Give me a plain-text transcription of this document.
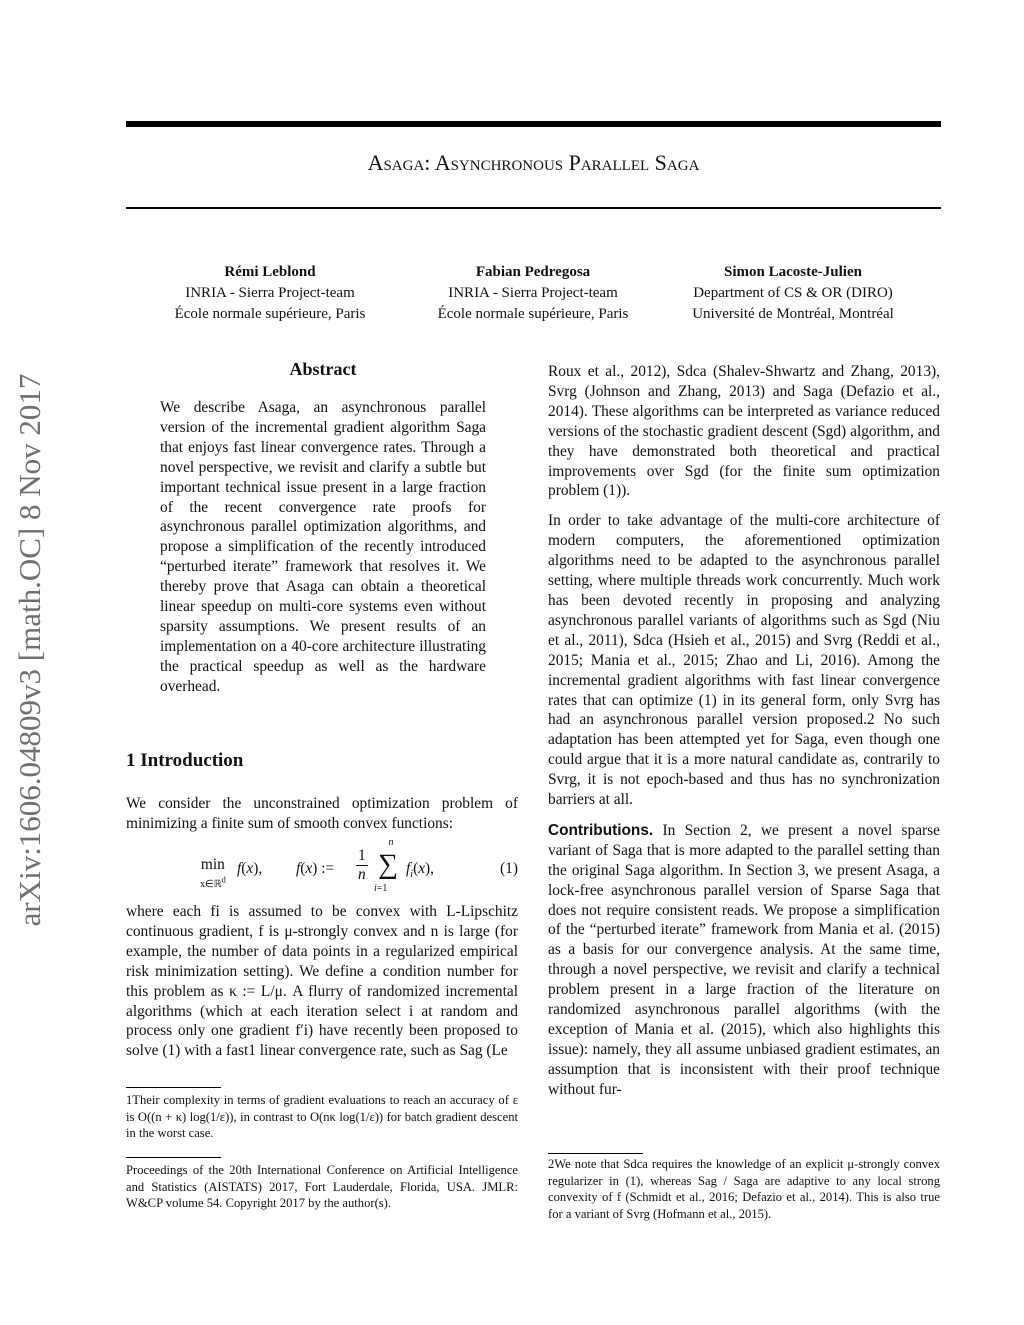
Asaga: Asynchronous Parallel Saga
Rémi Leblond
INRIA - Sierra Project-team
École normale supérieure, Paris
Fabian Pedregosa
INRIA - Sierra Project-team
École normale supérieure, Paris
Simon Lacoste-Julien
Department of CS & OR (DIRO)
Université de Montréal, Montréal
arXiv:1606.04809v3 [math.OC] 8 Nov 2017
Abstract

We describe Asaga, an asynchronous parallel version of the incremental gradient algorithm Saga that enjoys fast linear convergence rates. Through a novel perspective, we revisit and clarify a subtle but important technical issue present in a large fraction of the recent convergence rate proofs for asynchronous parallel optimization algorithms, and propose a simplification of the recently introduced “perturbed iterate” framework that resolves it. We thereby prove that Asaga can obtain a theoretical linear speedup on multi-core systems even without sparsity assumptions. We present results of an implementation on a 40-core architecture illustrating the practical speedup as well as the hardware overhead.

1 Introduction

We consider the unconstrained optimization problem of minimizing a finite sum of smooth convex functions:

min
x∈ℝ$^d$
f(x), f(x) := $\frac{1}{n}$
n
∑
i=1
$f_i(x)$,	(1)

where each fi is assumed to be convex with L-Lipschitz continuous gradient, f is μ-strongly convex and n is large (for example, the number of data points in a regularized empirical risk minimization setting). We define a condition number for this problem as κ := L/μ. A flurry of randomized incremental algorithms (which at each iteration select i at random and process only one gradient f′i) have recently been proposed to solve (1) with a fast1 linear convergence rate, such as Sag (Le

1Their complexity in terms of gradient evaluations to reach an accuracy of ε is O((n + κ) log(1/ε)), in contrast to O(nκ log(1/ε)) for batch gradient descent in the worst case.

Proceedings of the 20th International Conference on Artificial Intelligence and Statistics (AISTATS) 2017, Fort Lauderdale, Florida, USA. JMLR: W&CP volume 54. Copyright 2017 by the author(s).

Roux et al., 2012), Sdca (Shalev-Shwartz and Zhang, 2013), Svrg (Johnson and Zhang, 2013) and Saga (Defazio et al., 2014). These algorithms can be interpreted as variance reduced versions of the stochastic gradient descent (Sgd) algorithm, and they have demonstrated both theoretical and practical improvements over Sgd (for the finite sum optimization problem (1)).

In order to take advantage of the multi-core architecture of modern computers, the aforementioned optimization algorithms need to be adapted to the asynchronous parallel setting, where multiple threads work concurrently. Much work has been devoted recently in proposing and analyzing asynchronous parallel variants of algorithms such as Sgd (Niu et al., 2011), Sdca (Hsieh et al., 2015) and Svrg (Reddi et al., 2015; Mania et al., 2015; Zhao and Li, 2016). Among the incremental gradient algorithms with fast linear convergence rates that can optimize (1) in its general form, only Svrg has had an asynchronous parallel version proposed.2 No such adaptation has been attempted yet for Saga, even though one could argue that it is a more natural candidate as, contrarily to Svrg, it is not epoch-based and thus has no synchronization barriers at all.

Contributions. In Section 2, we present a novel sparse variant of Saga that is more adapted to the parallel setting than the original Saga algorithm. In Section 3, we present Asaga, a lock-free asynchronous parallel version of Sparse Saga that does not require consistent reads. We propose a simplification of the “perturbed iterate” framework from Mania et al. (2015) as a basis for our convergence analysis. At the same time, through a novel perspective, we revisit and clarify a technical problem present in a large fraction of the literature on randomized asynchronous parallel algorithms (with the exception of Mania et al. (2015), which also highlights this issue): namely, they all assume unbiased gradient estimates, an assumption that is inconsistent with their proof technique without fur-

2We note that Sdca requires the knowledge of an explicit μ-strongly convex regularizer in (1), whereas Sag / Saga are adaptive to any local strong convexity of f (Schmidt et al., 2016; Defazio et al., 2014). This is also true for a variant of Svrg (Hofmann et al., 2015).
